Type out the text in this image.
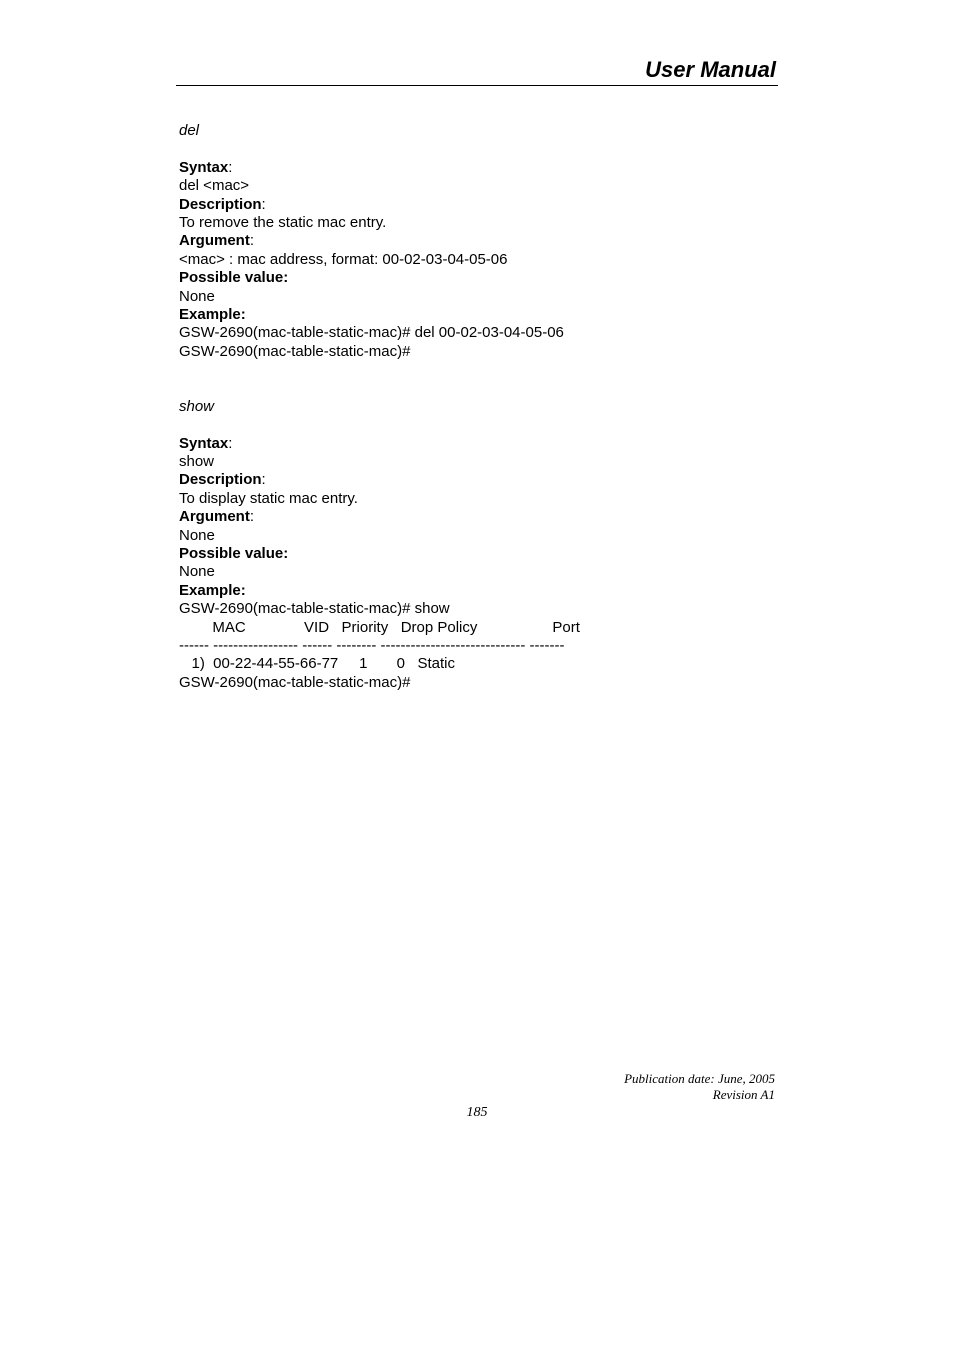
User Manual
del
Syntax:
del <mac>
Description:
To remove the static mac entry.
Argument:
<mac> : mac address, format: 00-02-03-04-05-06
Possible value:
None
Example:
GSW-2690(mac-table-static-mac)# del 00-02-03-04-05-06
GSW-2690(mac-table-static-mac)#
show
Syntax:
show
Description:
To display static mac entry.
Argument:
None
Possible value:
None
Example:
GSW-2690(mac-table-static-mac)# show
MAC              VID   Priority   Drop Policy                  Port
------ ----------------- ------ -------- ----------------------------- -------
1)  00-22-44-55-66-77     1       0   Static
GSW-2690(mac-table-static-mac)#
Publication date: June, 2005
Revision A1
185
